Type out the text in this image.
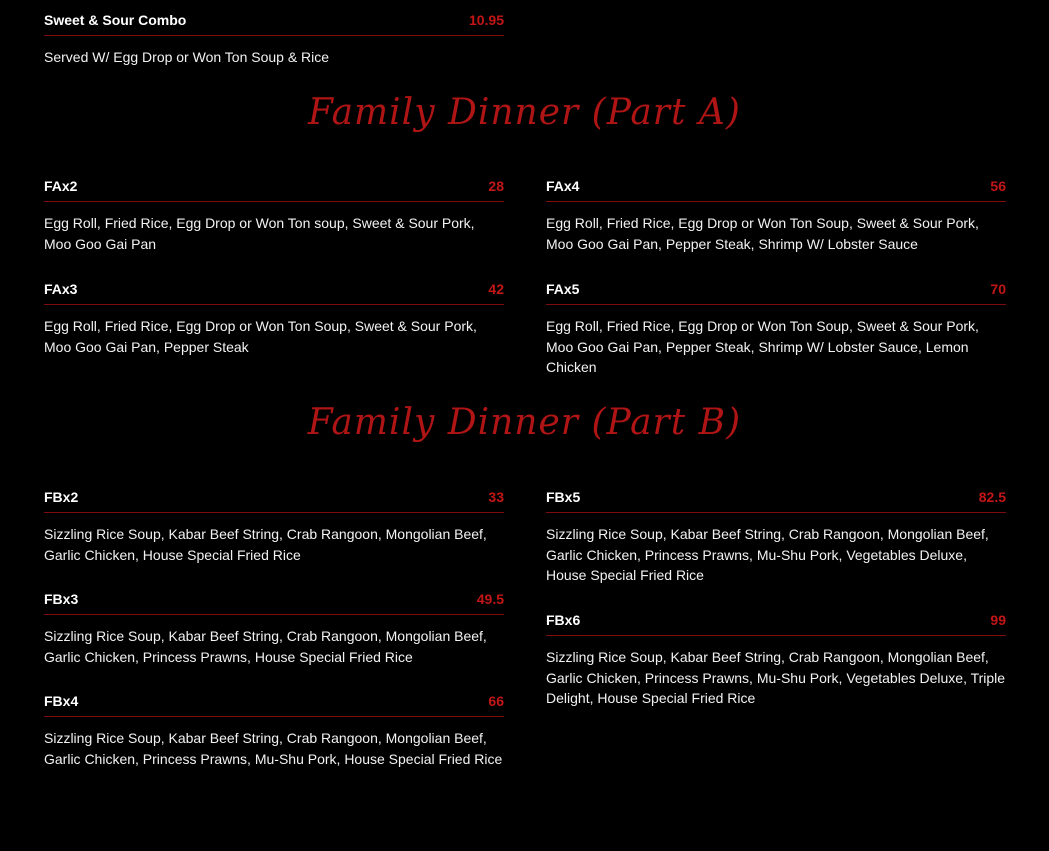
Sweet & Sour Combo	10.95
Served W/ Egg Drop or Won Ton Soup & Rice
Family Dinner (Part A)
FAx2	28
Egg Roll, Fried Rice, Egg Drop or Won Ton soup, Sweet & Sour Pork, Moo Goo Gai Pan
FAx3	42
Egg Roll, Fried Rice, Egg Drop or Won Ton Soup, Sweet & Sour Pork, Moo Goo Gai Pan, Pepper Steak
FAx4	56
Egg Roll, Fried Rice, Egg Drop or Won Ton Soup, Sweet & Sour Pork, Moo Goo Gai Pan, Pepper Steak, Shrimp W/ Lobster Sauce
FAx5	70
Egg Roll, Fried Rice, Egg Drop or Won Ton Soup, Sweet & Sour Pork, Moo Goo Gai Pan, Pepper Steak, Shrimp W/ Lobster Sauce, Lemon Chicken
Family Dinner (Part B)
FBx2	33
Sizzling Rice Soup, Kabar Beef String, Crab Rangoon, Mongolian Beef, Garlic Chicken, House Special Fried Rice
FBx3	49.5
Sizzling Rice Soup, Kabar Beef String, Crab Rangoon, Mongolian Beef, Garlic Chicken, Princess Prawns, House Special Fried Rice
FBx4	66
Sizzling Rice Soup, Kabar Beef String, Crab Rangoon, Mongolian Beef, Garlic Chicken, Princess Prawns, Mu-Shu Pork, House Special Fried Rice
FBx5	82.5
Sizzling Rice Soup, Kabar Beef String, Crab Rangoon, Mongolian Beef, Garlic Chicken, Princess Prawns, Mu-Shu Pork, Vegetables Deluxe, House Special Fried Rice
FBx6	99
Sizzling Rice Soup, Kabar Beef String, Crab Rangoon, Mongolian Beef, Garlic Chicken, Princess Prawns, Mu-Shu Pork, Vegetables Deluxe, Triple Delight, House Special Fried Rice
